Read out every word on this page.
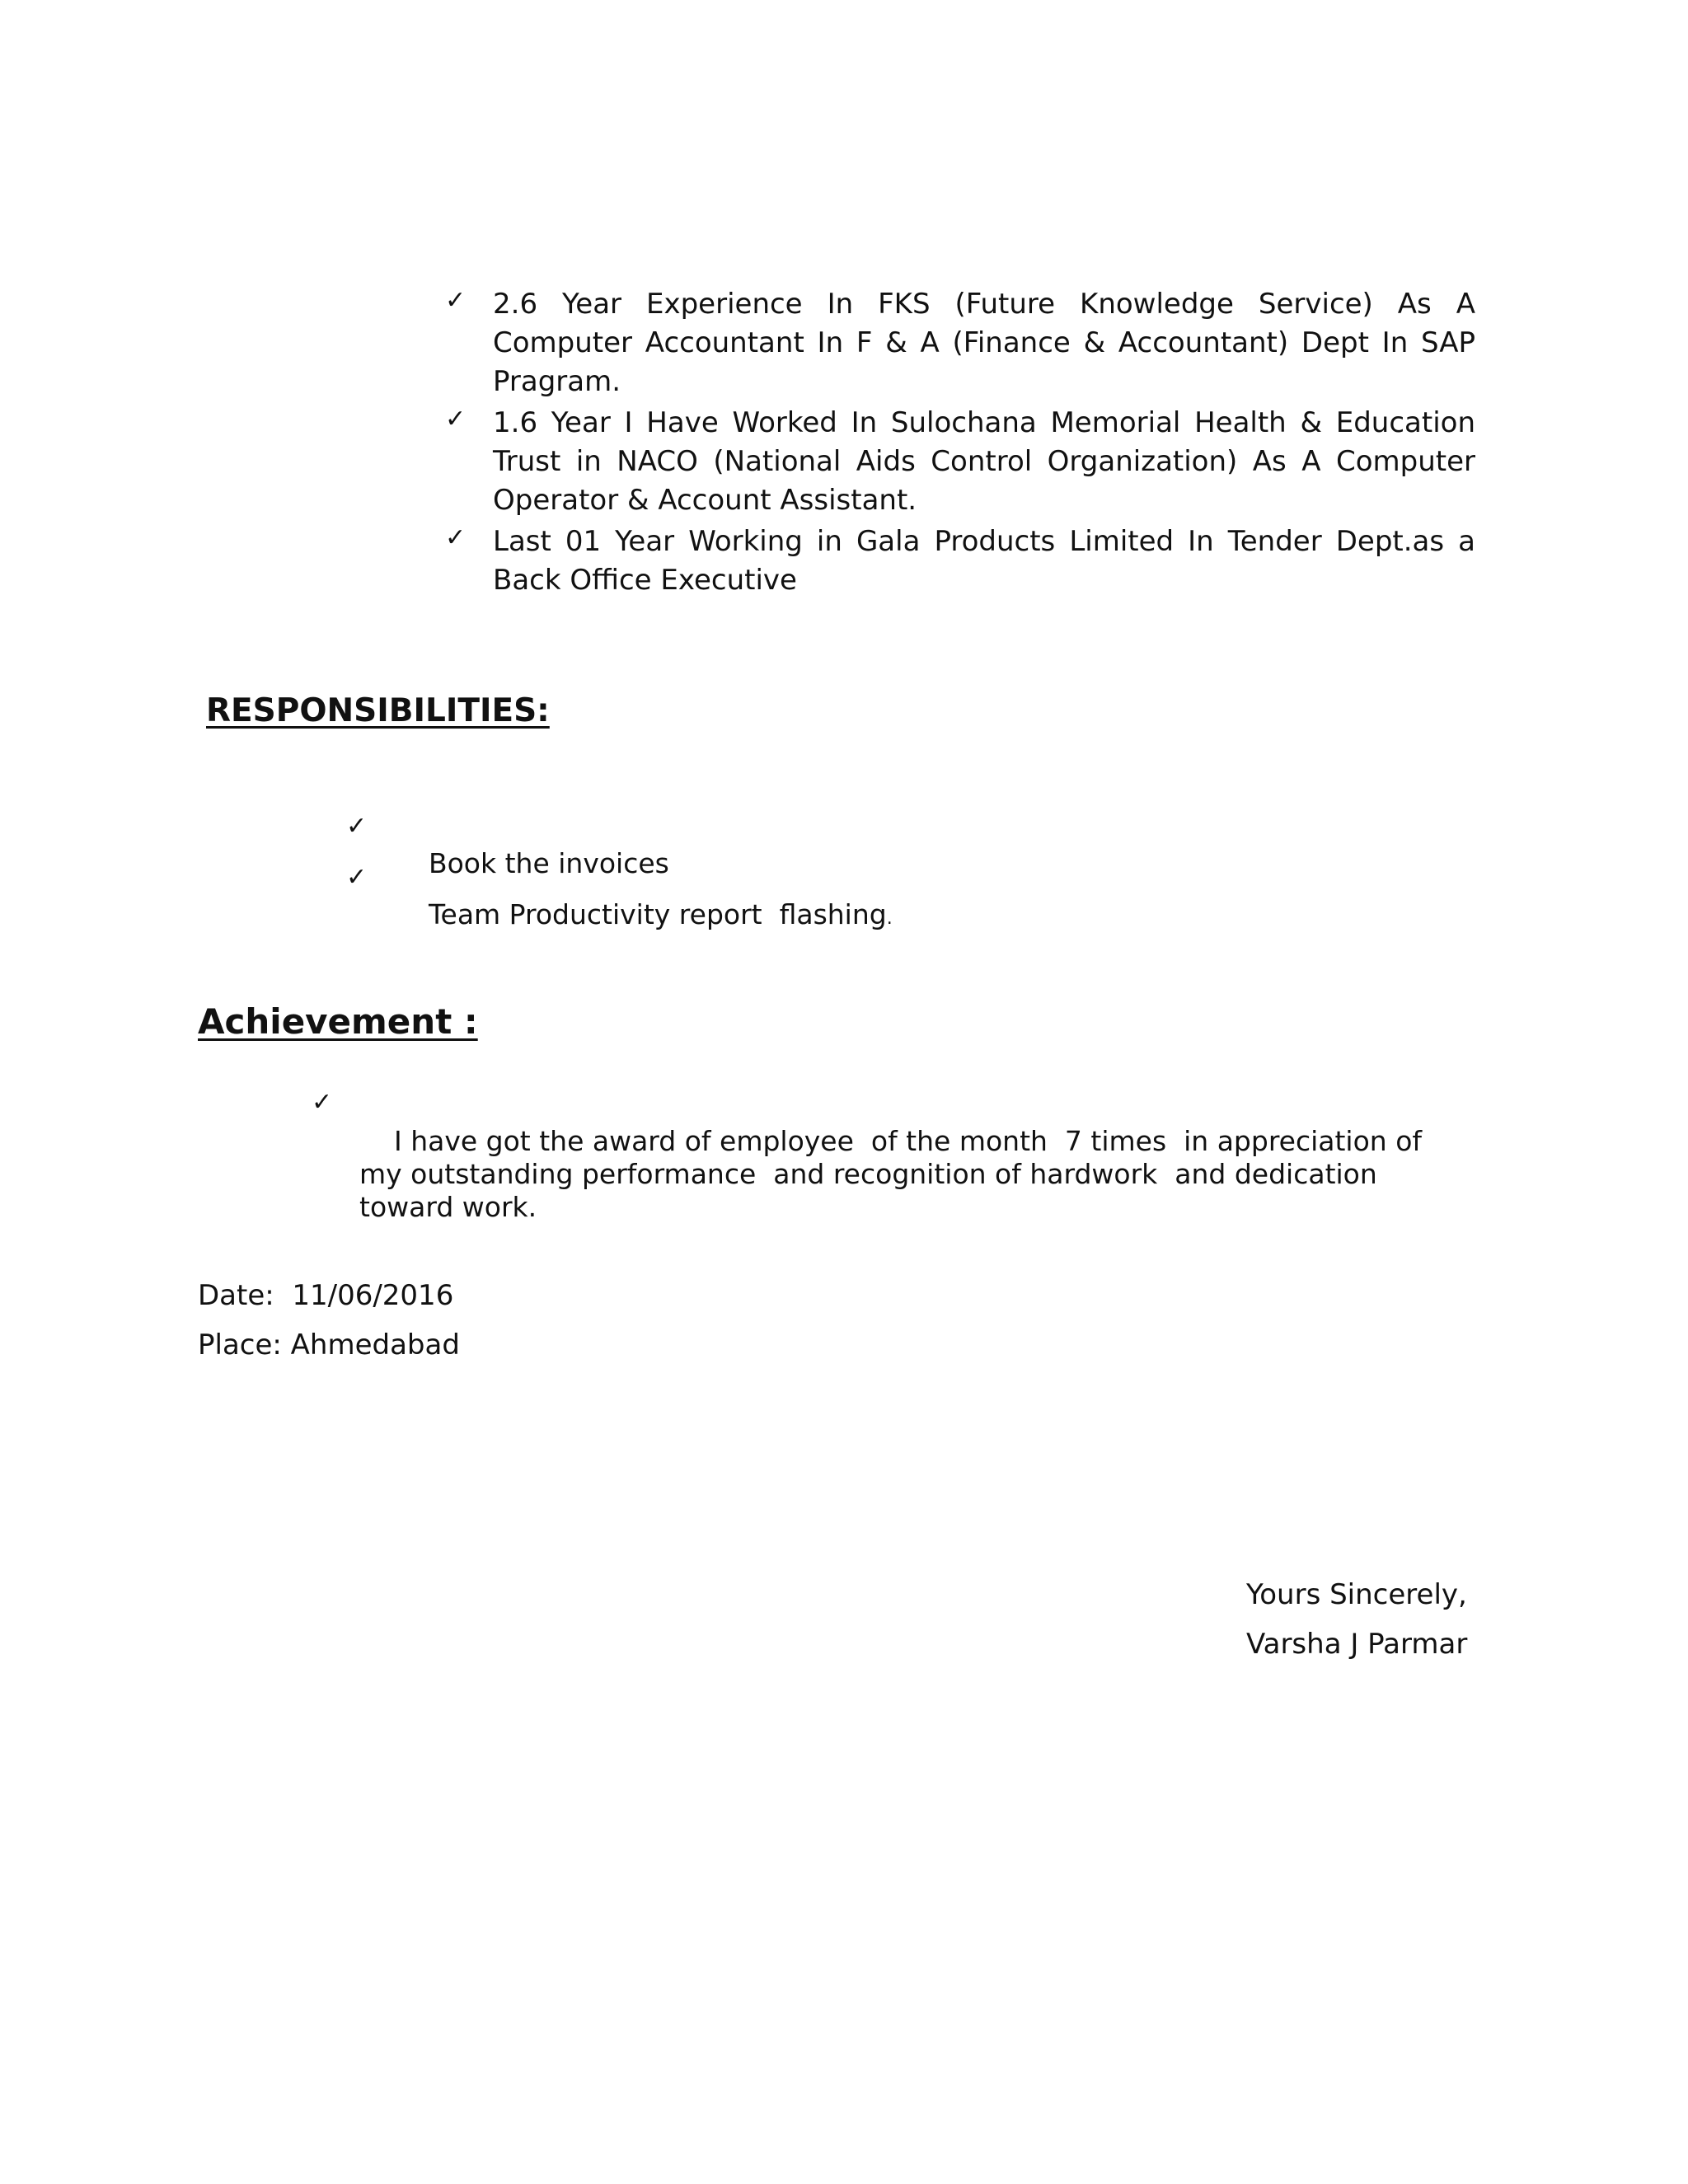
✓ 2.6 Year Experience In FKS (Future Knowledge Service) As A Computer Accountant In F & A (Finance & Accountant) Dept In SAP Pragram.
✓ 1.6 Year I Have Worked In Sulochana Memorial Health & Education Trust in NACO (National Aids Control Organization) As A Computer Operator & Account Assistant.
✓ Last 01 Year Working in Gala Products Limited In Tender Dept.as a Back Office Executive
RESPONSIBILITIES:

✓
Book the invoices

✓
Team Productivity report  flashing.

Achievement :

✓
I have got the award of employee  of the month  7 times  in appreciation of my outstanding performance  and recognition of hardwork  and dedication toward work.

Date: 11/06/2016
Place: Ahmedabad
Yours Sincerely,
Varsha J Parmar
